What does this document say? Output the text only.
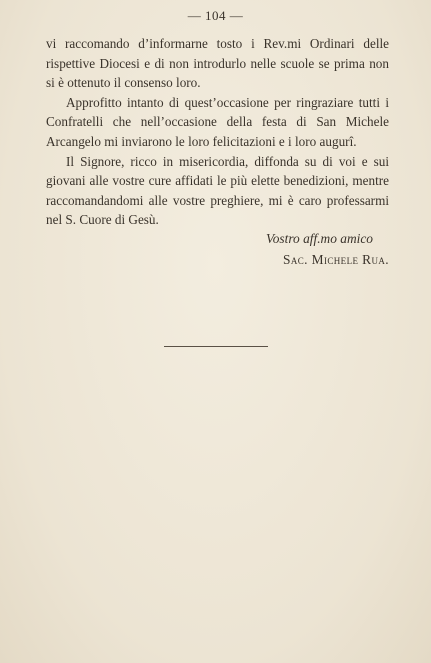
— 104 —

vi raccomando d’informarne tosto i Rev.mi Ordinari delle rispettive Diocesi e di non introdurlo nelle scuole se prima non si è ottenuto il consenso loro.

Approfitto intanto di quest’occasione per ringraziare tutti i Confratelli che nell’occasione della festa di San Michele Arcangelo mi inviarono le loro felicitazioni e i loro augurî.

Il Signore, ricco in misericordia, diffonda su di voi e sui giovani alle vostre cure affidati le più elette benedizioni, mentre raccomandandomi alle vostre preghiere, mi è caro professarmi nel S. Cuore di Gesù.

Vostro aff.mo amico
Sac. Michele Rua.
